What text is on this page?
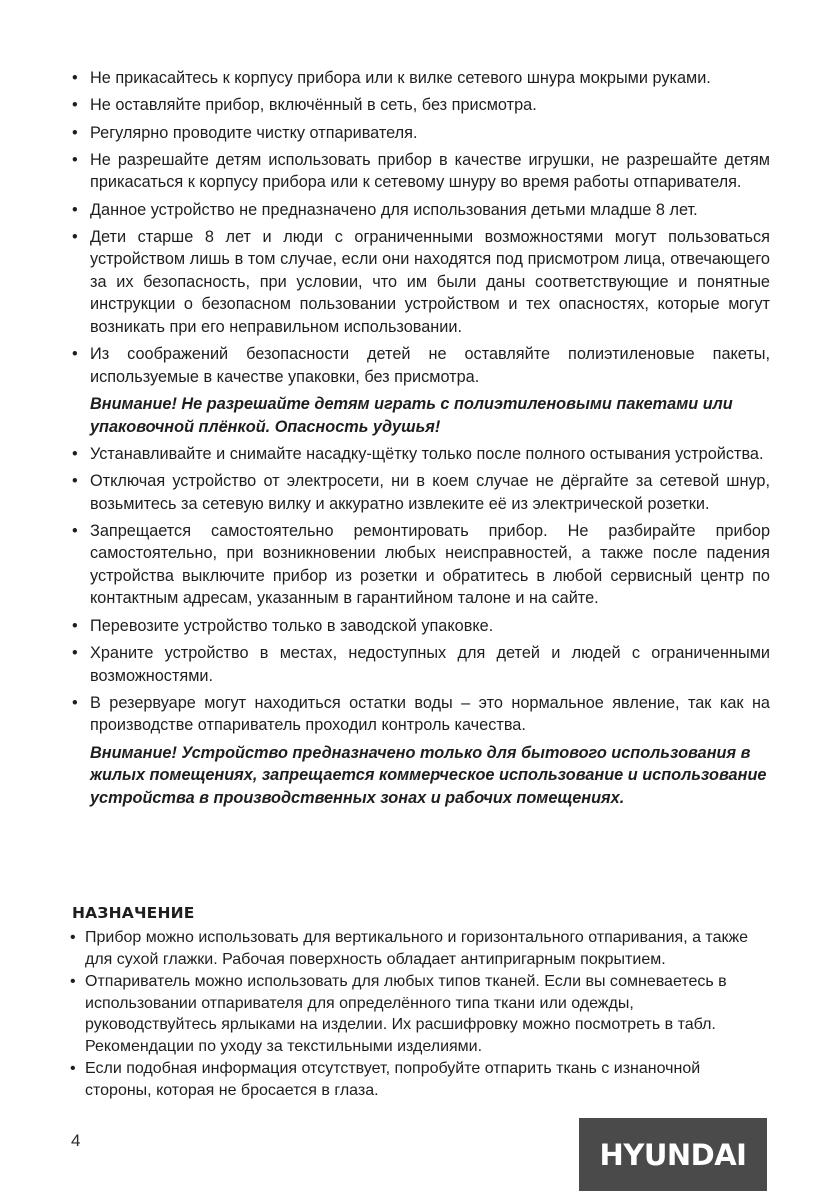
• Не прикасайтесь к корпусу прибора или к вилке сетевого шнура мокрыми руками.
• Не оставляйте прибор, включённый в сеть, без присмотра.
• Регулярно проводите чистку отпаривателя.
• Не разрешайте детям использовать прибор в качестве игрушки, не разрешайте детям прикасаться к корпусу прибора или к сетевому шнуру во время работы отпаривателя.
• Данное устройство не предназначено для использования детьми младше 8 лет.
• Дети старше 8 лет и люди с ограниченными возможностями могут пользоваться устройством лишь в том случае, если они находятся под присмотром лица, отвечающего за их безопасность, при условии, что им были даны соответствующие и понятные инструкции о безопасном пользовании устройством и тех опасностях, которые могут возникать при его неправильном использовании.
• Из соображений безопасности детей не оставляйте полиэтиленовые пакеты, используемые в качестве упаковки, без присмотра.

Внимание! Не разрешайте детям играть с полиэтиленовыми пакетами или упаковочной плёнкой. Опасность удушья!

• Устанавливайте и снимайте насадку-щётку только после полного остывания устройства.
• Отключая устройство от электросети, ни в коем случае не дёргайте за сетевой шнур, возьмитесь за сетевую вилку и аккуратно извлеките её из электрической розетки.
• Запрещается самостоятельно ремонтировать прибор. Не разбирайте прибор самостоятельно, при возникновении любых неисправностей, а также после падения устройства выключите прибор из розетки и обратитесь в любой сервисный центр по контактным адресам, указанным в гарантийном талоне и на сайте.
• Перевозите устройство только в заводской упаковке.
• Храните устройство в местах, недоступных для детей и людей с ограниченными возможностями.
• В резервуаре могут находиться остатки воды – это нормальное явление, так как на производстве отпариватель проходил контроль качества.

Внимание! Устройство предназначено только для бытового использования в жилых помещениях, запрещается коммерческое использование и использование устройства в производственных зонах и рабочих помещениях.

НАЗНАЧЕНИЕ
• Прибор можно использовать для вертикального и горизонтального отпаривания, а также для сухой глажки. Рабочая поверхность обладает антипригарным покрытием.
• Отпариватель можно использовать для любых типов тканей. Если вы сомневаетесь в использовании отпаривателя для определённого типа ткани или одежды, руководствуйтесь ярлыками на изделии. Их расшифровку можно посмотреть в табл. Рекомендации по уходу за текстильными изделиями.
• Если подобная информация отсутствует, попробуйте отпарить ткань с изнаночной стороны, которая не бросается в глаза.

4	HYUNDAI
